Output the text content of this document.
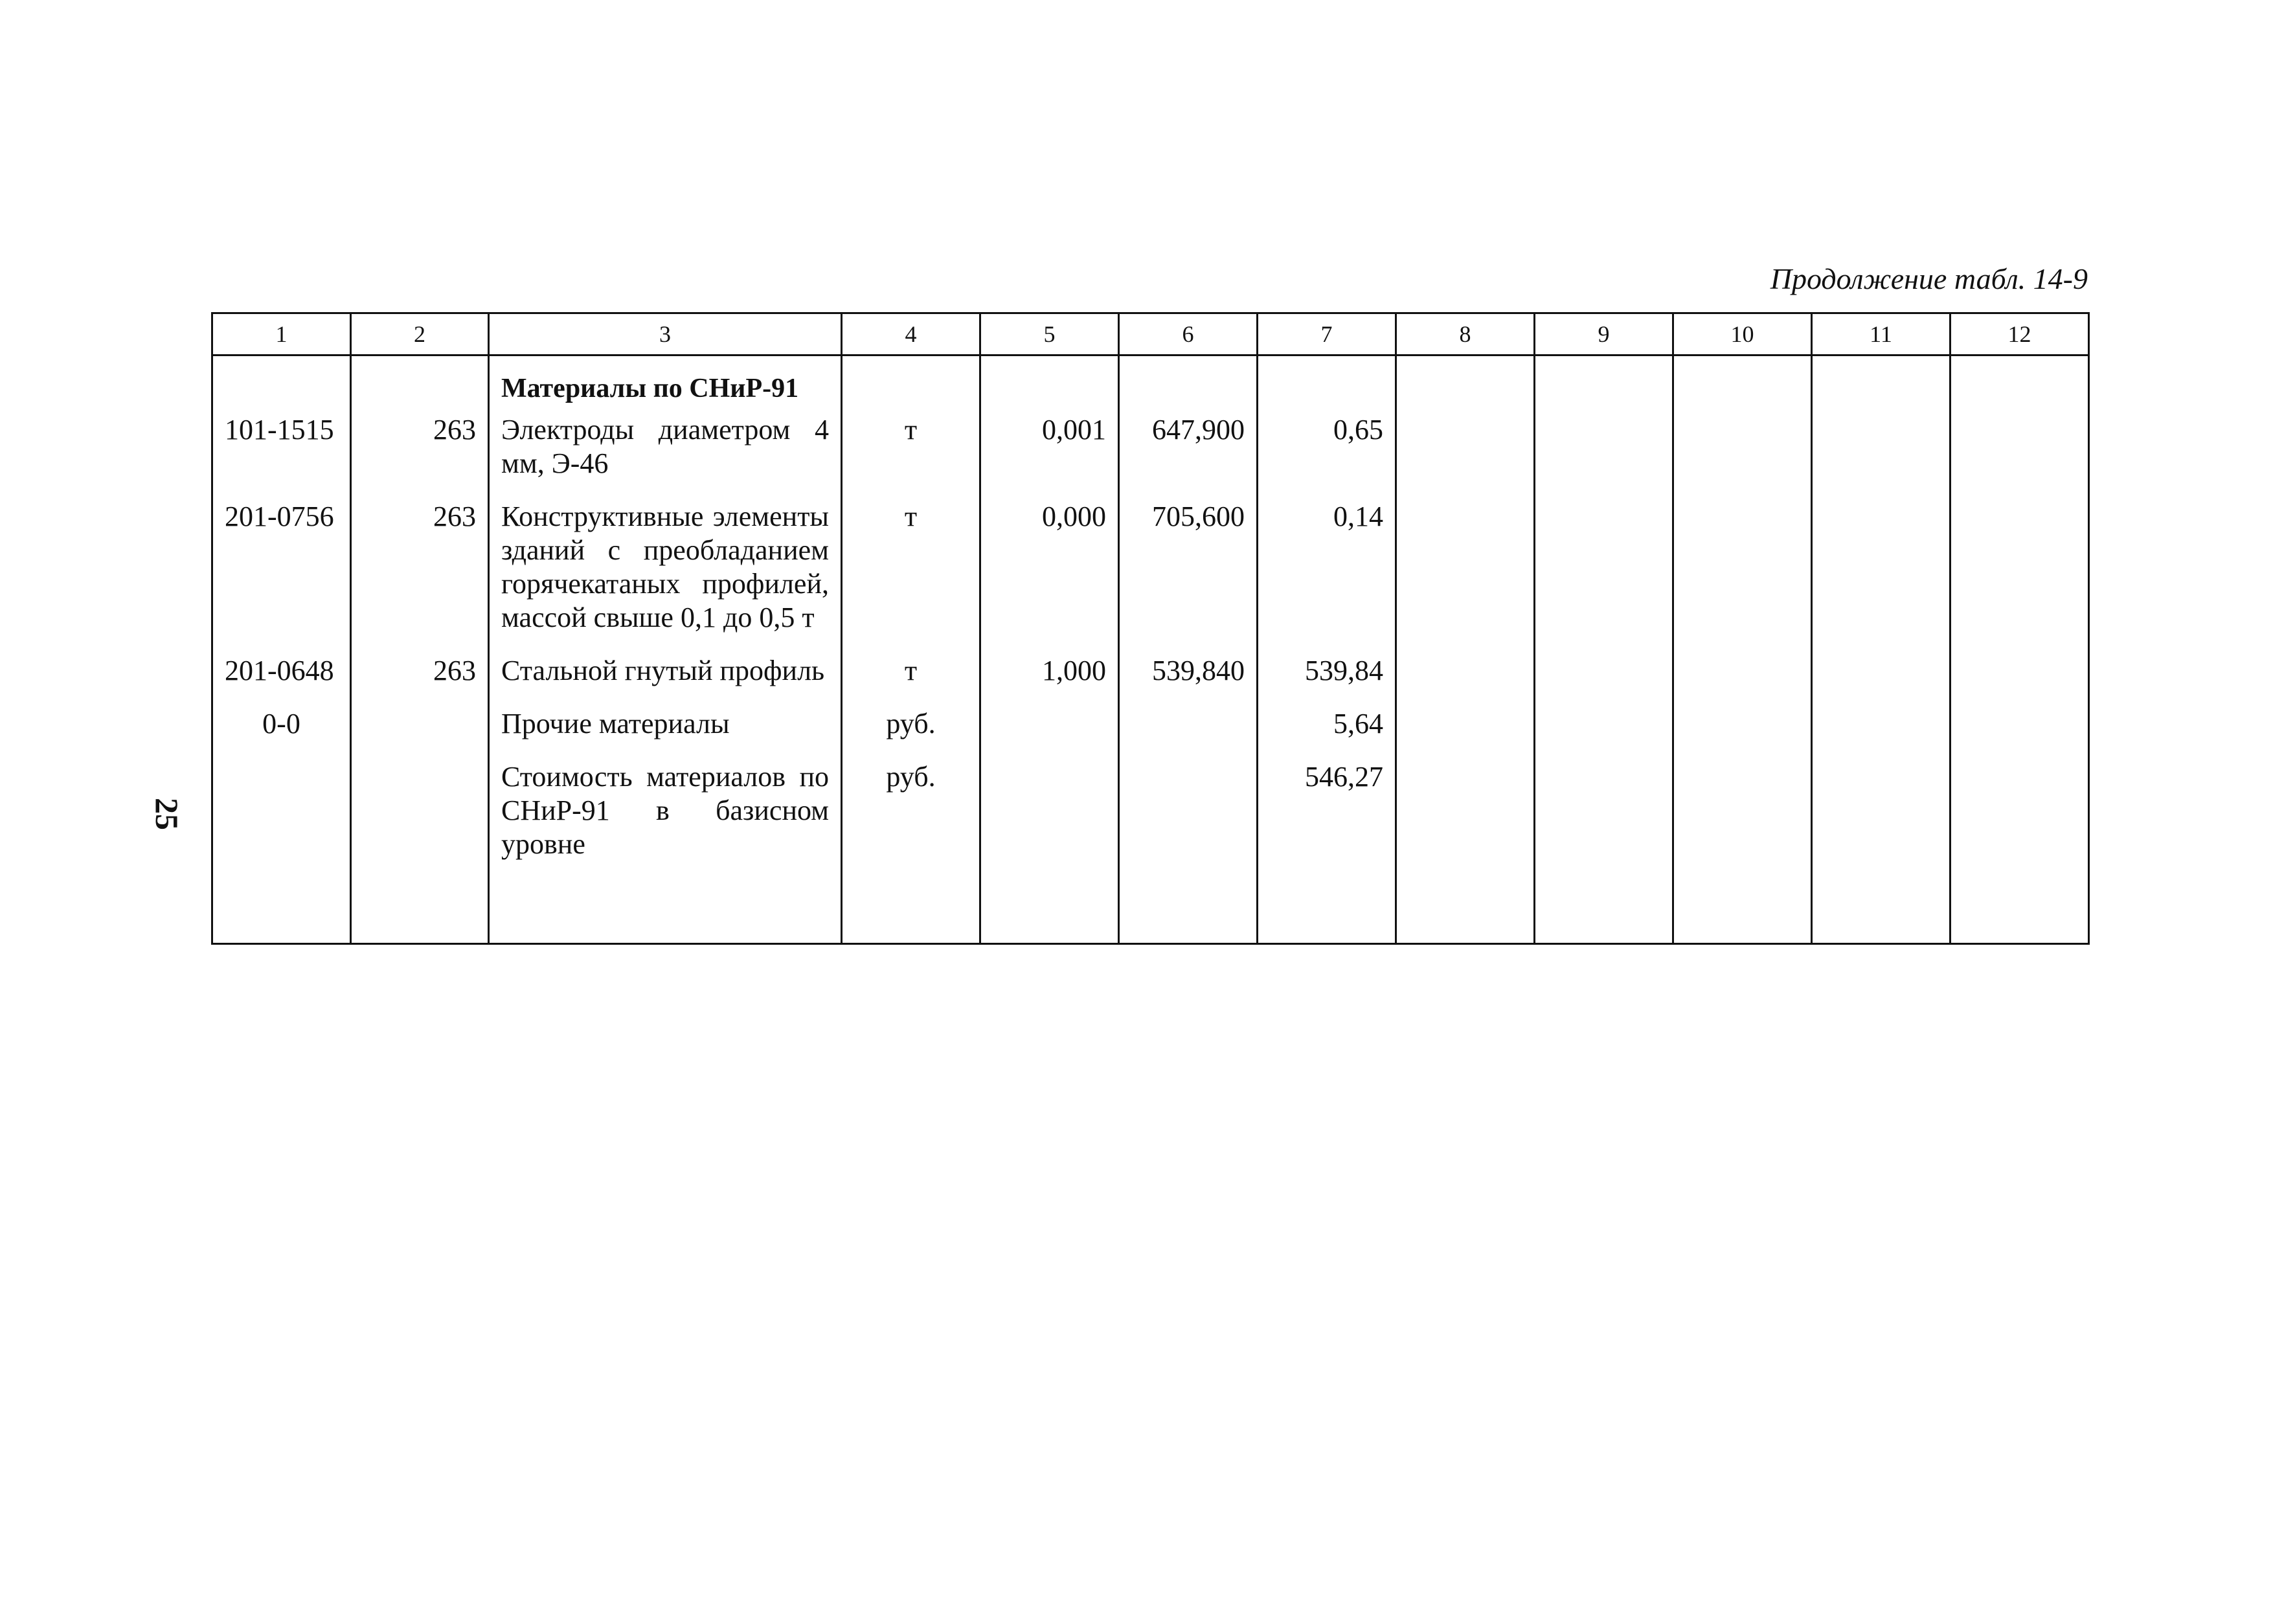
Продолжение табл. 14-9
25
1	2	3	4	5	6	7	8	9	10	11	12
		Материалы по СНиР-91									
101-1515	263	Электроды диаметром 4 мм, Э-46	т	0,001	647,900	0,65					
201-0756	263	Конструктивные элементы зданий с преобладанием горячекатаных профилей, массой свыше 0,1 до 0,5 т	т	0,000	705,600	0,14					
201-0648	263	Стальной гнутый профиль	т	1,000	539,840	539,84					
0-0		Прочие материалы	руб.			5,64					
		Стоимость материалов по СНиР-91 в базисном уровне	руб.			546,27					
